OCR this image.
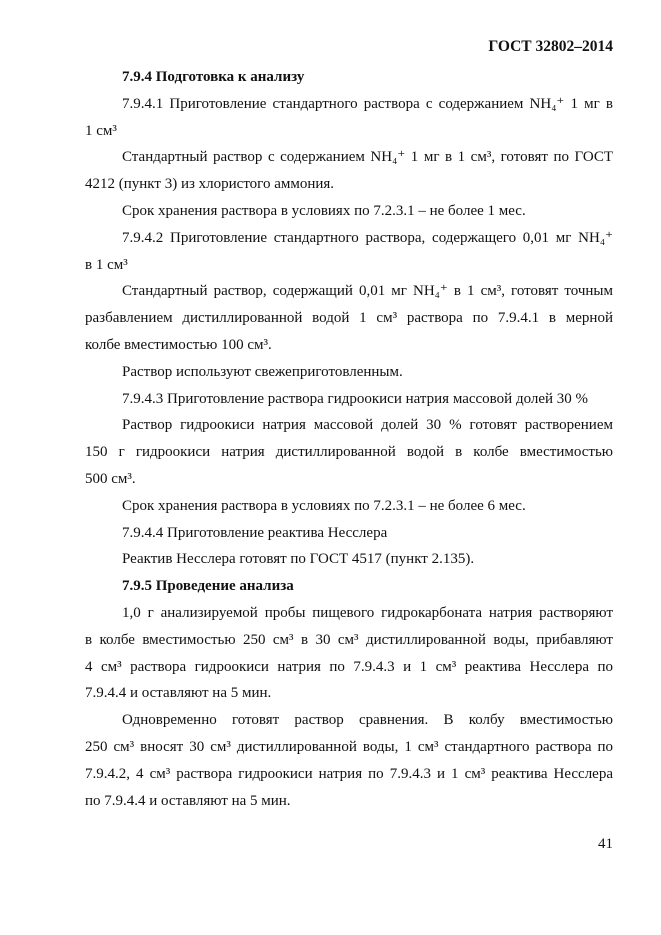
ГОСТ 32802–2014
7.9.4 Подготовка к анализу
7.9.4.1 Приготовление стандартного раствора с содержанием NH₄⁺ 1 мг в
1 см³
Стандартный раствор с содержанием NH₄⁺ 1 мг в 1 см³, готовят по ГОСТ
4212 (пункт 3) из хлористого аммония.
Срок хранения раствора в условиях по 7.2.3.1 – не более 1 мес.
7.9.4.2 Приготовление стандартного раствора, содержащего 0,01 мг NH₄⁺
в 1 см³
Стандартный раствор, содержащий 0,01 мг NH₄⁺ в 1 см³, готовят точным
разбавлением дистиллированной водой 1 см³ раствора по 7.9.4.1 в мерной
колбе вместимостью 100 см³.
Раствор используют свежеприготовленным.
7.9.4.3 Приготовление раствора гидроокиси натрия массовой долей 30 %
Раствор гидроокиси натрия массовой долей 30 % готовят растворением
150 г гидроокиси натрия дистиллированной водой в колбе вместимостью
500 см³.
Срок хранения раствора в условиях по 7.2.3.1 – не более 6 мес.
7.9.4.4 Приготовление реактива Несслера
Реактив Несслера готовят по ГОСТ 4517 (пункт 2.135).
7.9.5 Проведение анализа
1,0 г анализируемой пробы пищевого гидрокарбоната натрия растворяют
в колбе вместимостью 250 см³ в 30 см³ дистиллированной воды, прибавляют
4 см³ раствора гидроокиси натрия по 7.9.4.3 и 1 см³ реактива Несслера по
7.9.4.4 и оставляют на 5 мин.
Одновременно готовят раствор сравнения. В колбу вместимостью
250 см³ вносят 30 см³ дистиллированной воды, 1 см³ стандартного раствора по
7.9.4.2, 4 см³ раствора гидроокиси натрия по 7.9.4.3 и 1 см³ реактива Несслера
по 7.9.4.4 и оставляют на 5 мин.
41
